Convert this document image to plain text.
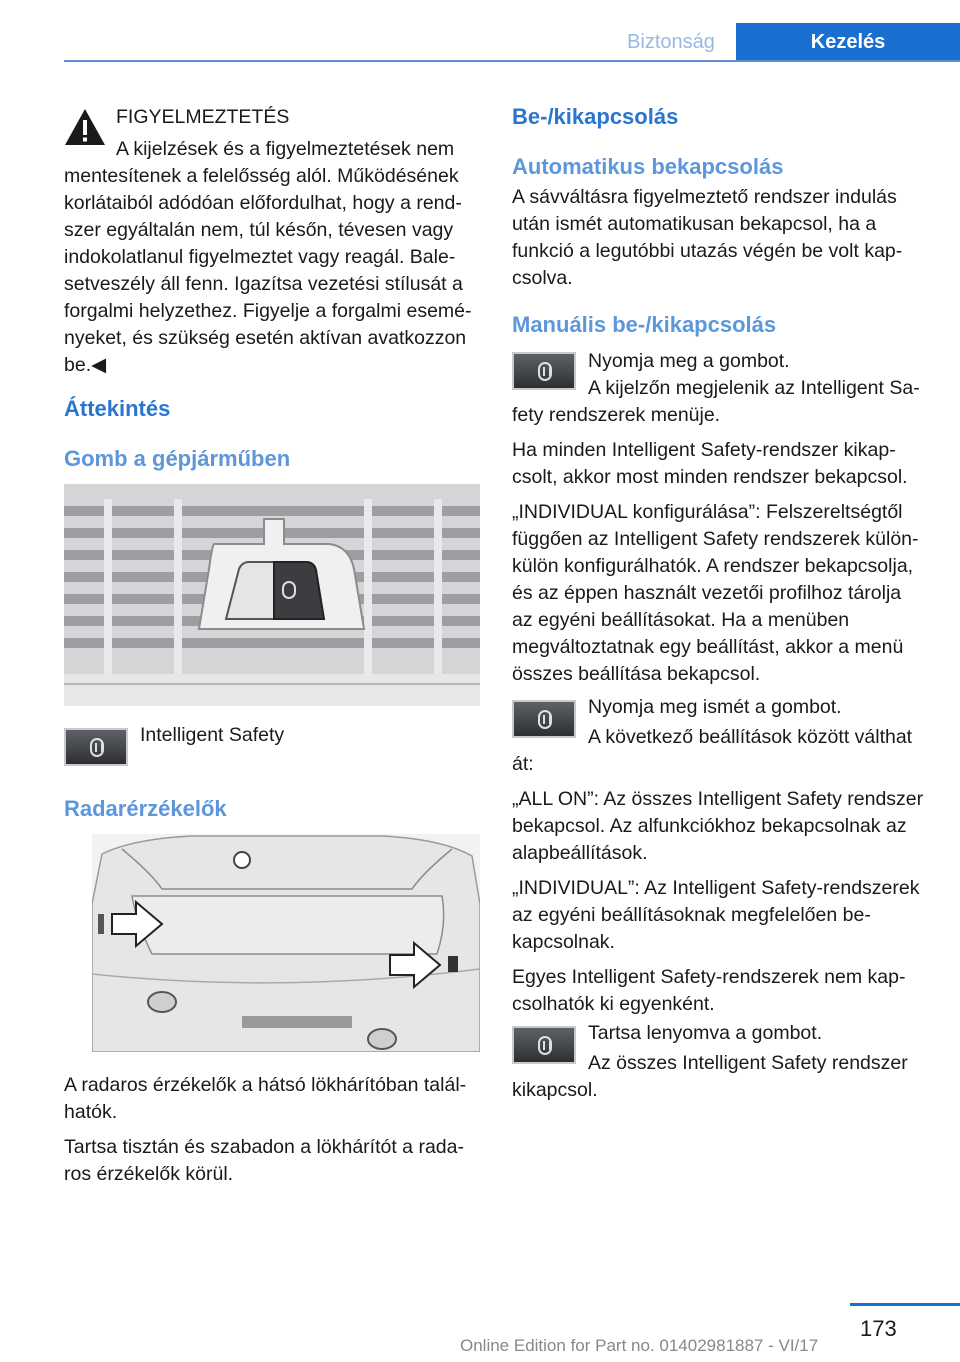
Biztonság	Kezelés
FIGYELMEZTETÉS

A kijelzések és a figyelmeztetések nem mentesítenek a felelősség alól. Működésének korlátaiból adódóan előfordulhat, hogy a rendszer egyáltalán nem, túl későn, tévesen vagy indokolatlanul figyelmeztet vagy reagál. Balesetveszély áll fenn. Igazítsa vezetési stílusát a forgalmi helyzethez. Figyelje a forgalmi eseményeket, és szükség esetén aktívan avatkozzon be.◀

Áttekintés
Gomb a gépjárműben
Intelligent Safety
Radarérzékelők

A radaros érzékelők a hátsó lökhárítóban találhatók.

Tartsa tisztán és szabadon a lökhárítót a radaros érzékelők körül.

Be-/kikapcsolás
Automatikus bekapcsolás

A sávváltásra figyelmeztető rendszer indulás után ismét automatikusan bekapcsol, ha a funkció a legutóbbi utazás végén be volt kapcsolva.

Manuális be-/kikapcsolás
Nyomja meg a gombot.

A kijelzőn megjelenik az Intelligent Safety rendszerek menüje.

Ha minden Intelligent Safety-rendszer kikapcsolt, akkor most minden rendszer bekapcsol.

„INDIVIDUAL konfigurálása”: Felszereltségtől függően az Intelligent Safety rendszerek külön-külön konfigurálhatók. A rendszer bekapcsolja, és az éppen használt vezetői profilhoz tárolja az egyéni beállításokat. Ha a menüben megváltoztatnak egy beállítást, akkor a menü összes beállítása bekapcsol.

Nyomja meg ismét a gombot.

A következő beállítások között válthat át:

„ALL ON”: Az összes Intelligent Safety rendszer bekapcsol. Az alfunkciókhoz bekapcsolnak az alapbeállítások.

„INDIVIDUAL”: Az Intelligent Safety-rendszerek az egyéni beállításoknak megfelelően bekapcsolnak.

Egyes Intelligent Safety-rendszerek nem kapcsolhatók ki egyenként.

Tartsa lenyomva a gombot.

Az összes Intelligent Safety rendszer kikapcsol.

173
Online Edition for Part no. 01402981887 - VI/17
